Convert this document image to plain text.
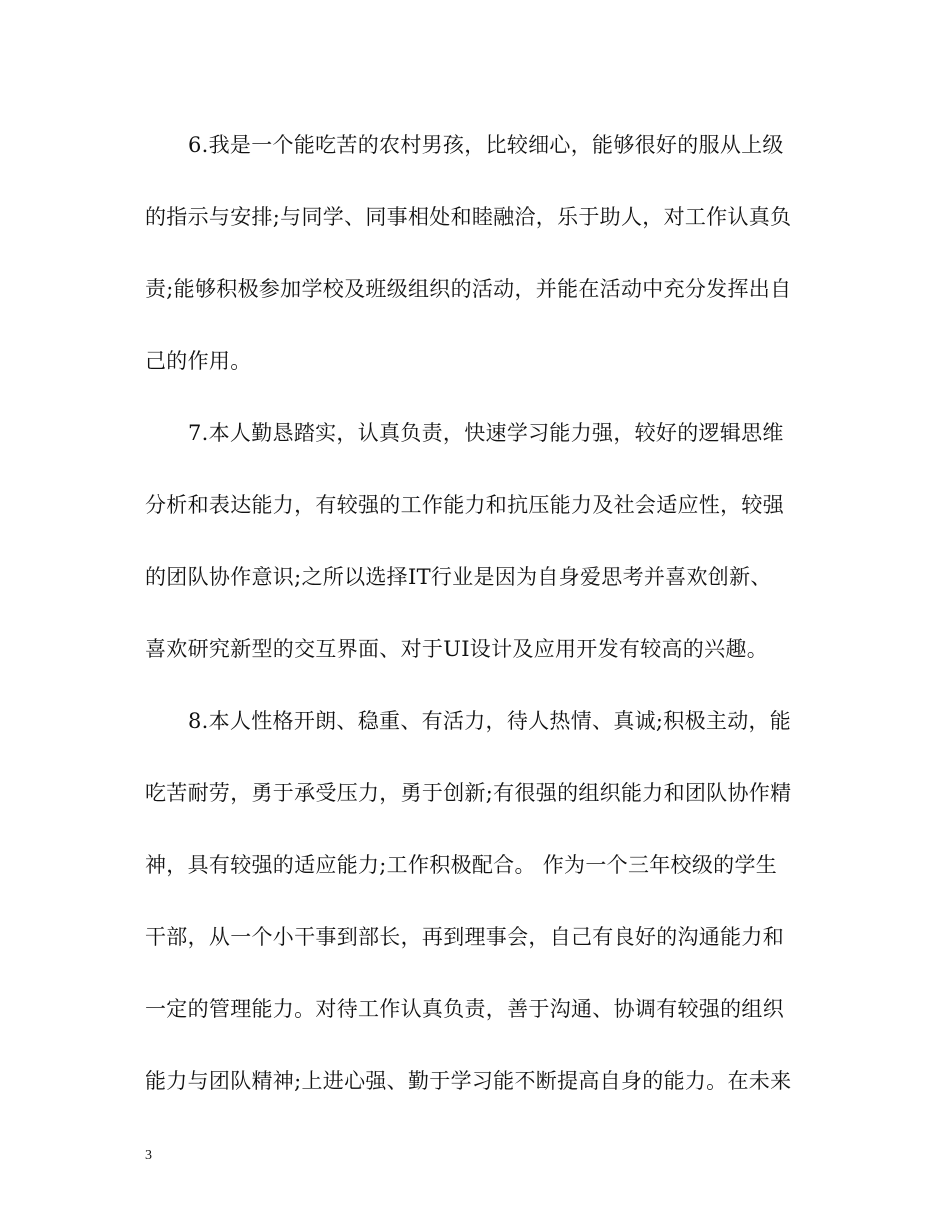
6.我是一个能吃苦的农村男孩，比较细心，能够很好的服从上级
的指示与安排;与同学、同事相处和睦融洽，乐于助人，对工作认真负
责;能够积极参加学校及班级组织的活动，并能在活动中充分发挥出自
己的作用。
7.本人勤恳踏实，认真负责，快速学习能力强，较好的逻辑思维
分析和表达能力，有较强的工作能力和抗压能力及社会适应性，较强
的团队协作意识;之所以选择IT行业是因为自身爱思考并喜欢创新、
喜欢研究新型的交互界面、对于UI设计及应用开发有较高的兴趣。
8.本人性格开朗、稳重、有活力，待人热情、真诚;积极主动，能
吃苦耐劳，勇于承受压力，勇于创新;有很强的组织能力和团队协作精
神，具有较强的适应能力;工作积极配合。 作为一个三年校级的学生
干部，从一个小干事到部长，再到理事会，自己有良好的沟通能力和
一定的管理能力。对待工作认真负责，善于沟通、协调有较强的组织
能力与团队精神;上进心强、勤于学习能不断提高自身的能力。在未来
3
